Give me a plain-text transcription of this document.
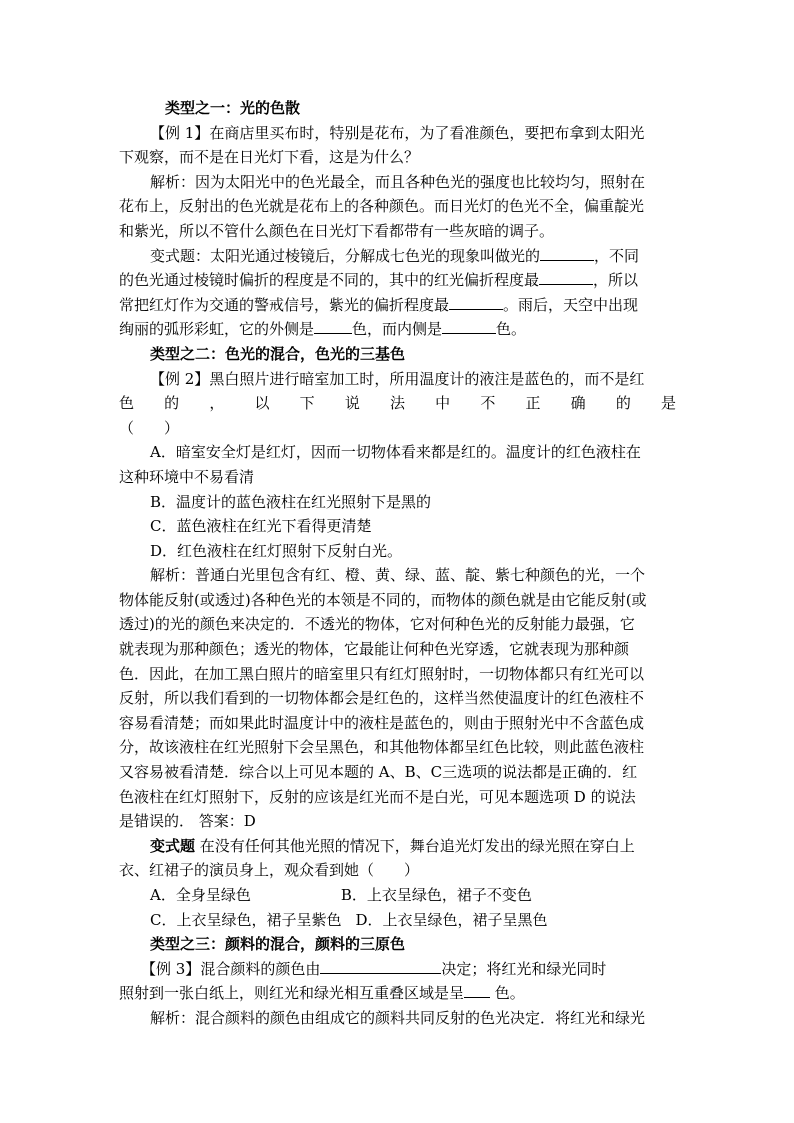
类型之一：光的色散
【例 1】在商店里买布时，特别是花布，为了看准颜色，要把布拿到太阳光
下观察，而不是在日光灯下看，这是为什么？
解析：因为太阳光中的色光最全，而且各种色光的强度也比较均匀，照射在
花布上，反射出的色光就是花布上的各种颜色。而日光灯的色光不全，偏重靛光
和紫光，所以不管什么颜色在日光灯下看都带有一些灰暗的调子。
变式题：太阳光通过棱镜后，分解成七色光的现象叫做光的	，不同
的色光通过棱镜时偏折的程度是不同的，其中的红光偏折程度最	，所以
常把红灯作为交通的警戒信号，紫光的偏折程度最	。雨后，天空中出现
绚丽的弧形彩虹，它的外侧是	色，而内侧是	色。
类型之二：色光的混合，色光的三基色
【例 2】黑白照片进行暗室加工时，所用温度计的液注是蓝色的，而不是红
色的，以下说法中不正确的是
（　　）
A．暗室安全灯是红灯，因而一切物体看来都是红的。温度计的红色液柱在
这种环境中不易看清
B．温度计的蓝色液柱在红光照射下是黑的
C．蓝色液柱在红光下看得更清楚
D．红色液柱在红灯照射下反射白光。
解析：普通白光里包含有红、橙、黄、绿、蓝、靛、紫七种颜色的光，一个
物体能反射(或透过)各种色光的本领是不同的，而物体的颜色就是由它能反射(或
透过)的光的颜色来决定的．不透光的物体，它对何种色光的反射能力最强，它
就表现为那种颜色；透光的物体，它最能让何种色光穿透，它就表现为那种颜
色．因此，在加工黑白照片的暗室里只有红灯照射时，一切物体都只有红光可以
反射，所以我们看到的一切物体都会是红色的，这样当然使温度计的红色液柱不
容易看清楚；而如果此时温度计中的液柱是蓝色的，则由于照射光中不含蓝色成
分，故该液柱在红光照射下会呈黑色，和其他物体都呈红色比较，则此蓝色液柱
又容易被看清楚．综合以上可见本题的 A、B、C三选项的说法都是正确的．红
色液柱在红灯照射下，反射的应该是红光而不是白光，可见本题选项 D 的说法
是错误的． 答案：D
变式题 在没有任何其他光照的情况下，舞台追光灯发出的绿光照在穿白上
衣、红裙子的演员身上，观众看到她（　　）
A．全身呈绿色	B．上衣呈绿色，裙子不变色
C．上衣呈绿色，裙子呈紫色 D．上衣呈绿色，裙子呈黑色
类型之三：颜料的混合，颜料的三原色
【例 3】混合颜料的颜色由	决定；将红光和绿光同时
照射到一张白纸上，则红光和绿光相互重叠区域是呈 色。
解析：混合颜料的颜色由组成它的颜料共同反射的色光决定．将红光和绿光
